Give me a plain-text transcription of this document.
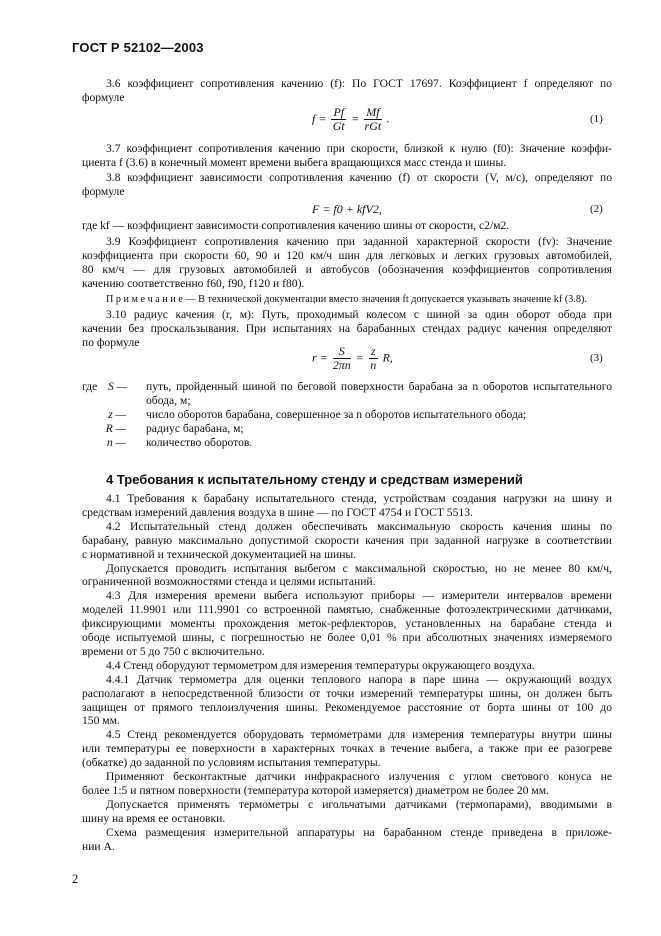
ГОСТ Р 52102—2003
3.6 коэффициент сопротивления качению (f): По ГОСТ 17697. Коэффициент f определяют по
формуле
$f = \frac{Pf}{Gt} = \frac{Mf}{\text{rGt}}$ .	(1)
3.7 коэффициент сопротивления качению при скорости, близкой к нулю (f0): Значение коэффи-
циента f (3.6) в конечный момент времени выбега вращающихся масс стенда и шины.
3.8 коэффициент зависимости сопротивления качению (f) от скорости (V, м/с), определяют по
формуле
F = f0 + kfV2,	(2)
где kf — коэффициент зависимости сопротивления качению шины от скорости, с2/м2.
3.9 Коэффициент сопротивления качению при заданной характерной скорости (fv): Значение
коэффициента при скорости 60, 90 и 120 км/ч шин для легковых и легких грузовых автомобилей,
80 км/ч — для грузовых автомобилей и автобусов (обозначения коэффициентов сопротивления
качению соответственно f60, f90, f120 и f80).
П р и м е ч а н и е — В технической документации вместо значения ft допускается указывать значение kf (3.8).
3.10 радиус качения (r, м): Путь, проходимый колесом с шиной за один оборот обода при
качении без проскальзывания. При испытаниях на барабанных стендах радиус качения определяют
по формуле
$r = \frac{S}{2\pi n} = \frac{z}{n} R$,	(3)
где S — путь, пройденный шиной по беговой поверхности барабана за n оборотов испытательного
обода, м;
z — число оборотов барабана, совершенное за n оборотов испытательного обода;
R — радиус барабана, м;
n — количество оборотов.
4 Требования к испытательному стенду и средствам измерений
4.1 Требования к барабану испытательного стенда, устройствам создания нагрузки на шину и
средствам измерений давления воздуха в шине — по ГОСТ 4754 и ГОСТ 5513.
4.2 Испытательный стенд должен обеспечивать максимальную скорость качения шины по
барабану, равную максимально допустимой скорости качения при заданной нагрузке в соответствии
с нормативной и технической документацией на шины.
Допускается проводить испытания выбегом с максимальной скоростью, но не менее 80 км/ч,
ограниченной возможностями стенда и целями испытаний.
4.3 Для измерения времени выбега используют приборы — измерители интервалов времени
моделей 11.9901 или 111.9901 со встроенной памятью, снабженные фотоэлектрическими датчиками,
фиксирующими моменты прохождения меток-рефлекторов, установленных на барабане стенда и
ободе испытуемой шины, с погрешностью не более 0,01 % при абсолютных значениях измеряемого
времени от 5 до 750 с включительно.
4.4 Стенд оборудуют термометром для измерения температуры окружающего воздуха.
4.4.1 Датчик термометра для оценки теплового напора в паре шина — окружающий воздух
располагают в непосредственной близости от точки измерений температуры шины, он должен быть
защищен от прямого теплоизлучения шины. Рекомендуемое расстояние от борта шины от 100 до
150 мм.
4.5 Стенд рекомендуется оборудовать термометрами для измерения температуры внутри шины
или температуры ее поверхности в характерных точках в течение выбега, а также при ее разогреве
(обкатке) до заданной по условиям испытания температуры.
Применяют бесконтактные датчики инфракрасного излучения с углом светового конуса не
более 1:5 и пятном поверхности (температура которой измеряется) диаметром не более 20 мм.
Допускается применять термометры с игольчатыми датчиками (термопарами), вводимыми в
шину на время ее остановки.
Схема размещения измерительной аппаратуры на барабанном стенде приведена в приложе-
нии А.
2
